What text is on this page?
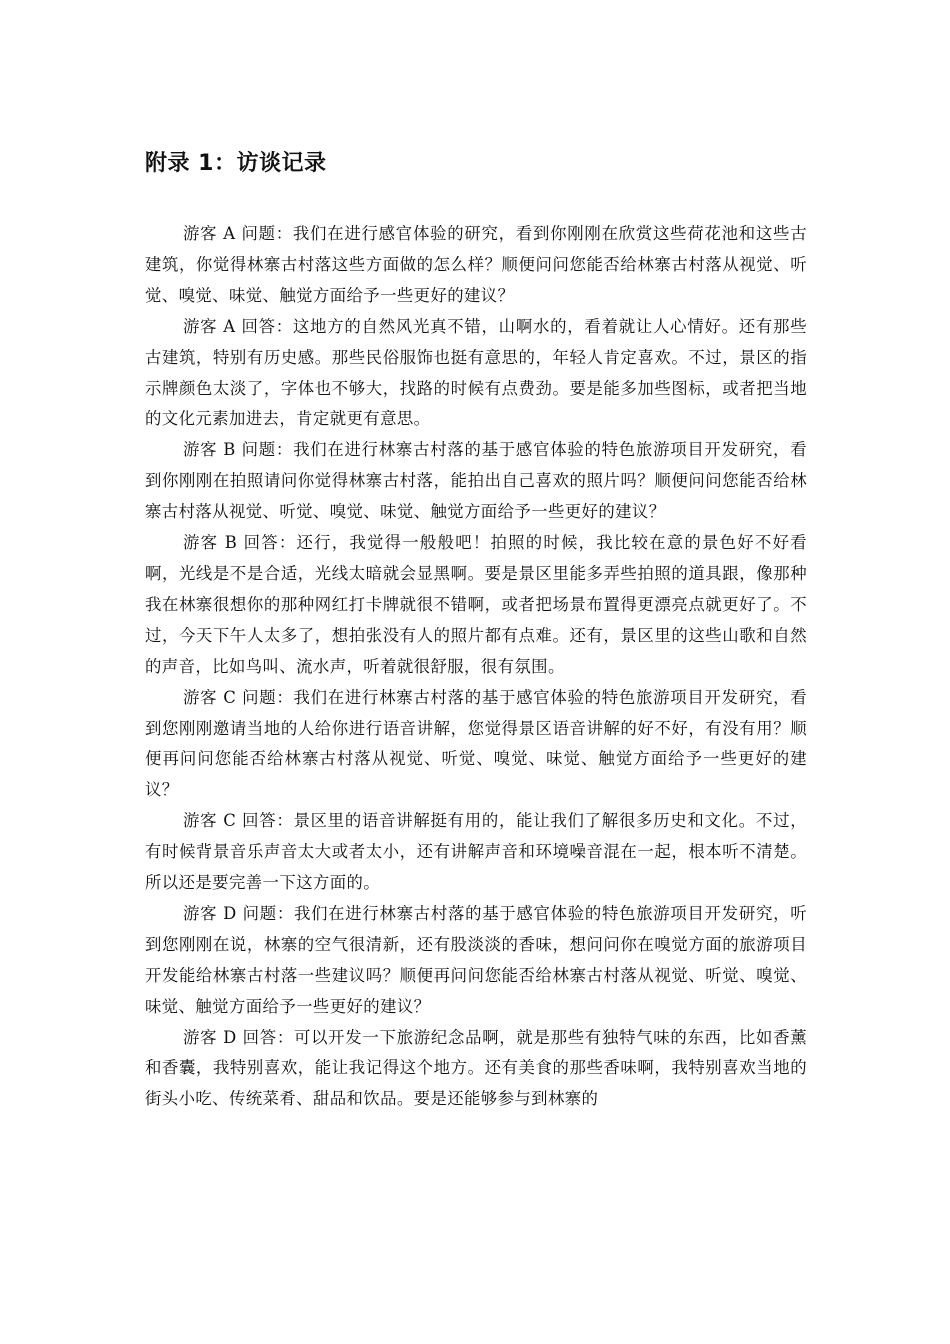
附录 1：访谈记录

游客 A 问题：我们在进行感官体验的研究，看到你刚刚在欣赏这些荷花池和这些古建筑，你觉得林寨古村落这些方面做的怎么样？顺便问问您能否给林寨古村落从视觉、听觉、嗅觉、味觉、触觉方面给予一些更好的建议？

游客 A 回答：这地方的自然风光真不错，山啊水的，看着就让人心情好。还有那些古建筑，特别有历史感。那些民俗服饰也挺有意思的，年轻人肯定喜欢。不过，景区的指示牌颜色太淡了，字体也不够大，找路的时候有点费劲。要是能多加些图标，或者把当地的文化元素加进去，肯定就更有意思。

游客 B 问题：我们在进行林寨古村落的基于感官体验的特色旅游项目开发研究，看到你刚刚在拍照请问你觉得林寨古村落，能拍出自己喜欢的照片吗？顺便问问您能否给林寨古村落从视觉、听觉、嗅觉、味觉、触觉方面给予一些更好的建议？

游客 B 回答：还行，我觉得一般般吧！拍照的时候，我比较在意的景色好不好看啊，光线是不是合适，光线太暗就会显黑啊。要是景区里能多弄些拍照的道具跟，像那种我在林寨很想你的那种网红打卡牌就很不错啊，或者把场景布置得更漂亮点就更好了。不过，今天下午人太多了，想拍张没有人的照片都有点难。还有，景区里的这些山歌和自然的声音，比如鸟叫、流水声，听着就很舒服，很有氛围。

游客 C 问题：我们在进行林寨古村落的基于感官体验的特色旅游项目开发研究，看到您刚刚邀请当地的人给你进行语音讲解，您觉得景区语音讲解的好不好，有没有用？顺便再问问您能否给林寨古村落从视觉、听觉、嗅觉、味觉、触觉方面给予一些更好的建议？

游客 C 回答：景区里的语音讲解挺有用的，能让我们了解很多历史和文化。不过，有时候背景音乐声音太大或者太小，还有讲解声音和环境噪音混在一起，根本听不清楚。所以还是要完善一下这方面的。

游客 D 问题：我们在进行林寨古村落的基于感官体验的特色旅游项目开发研究，听到您刚刚在说，林寨的空气很清新，还有股淡淡的香味，想问问你在嗅觉方面的旅游项目开发能给林寨古村落一些建议吗？顺便再问问您能否给林寨古村落从视觉、听觉、嗅觉、味觉、触觉方面给予一些更好的建议？

游客 D 回答：可以开发一下旅游纪念品啊，就是那些有独特气味的东西，比如香薰和香囊，我特别喜欢，能让我记得这个地方。还有美食的那些香味啊，我特别喜欢当地的街头小吃、传统菜肴、甜品和饮品。要是还能够参与到林寨的
